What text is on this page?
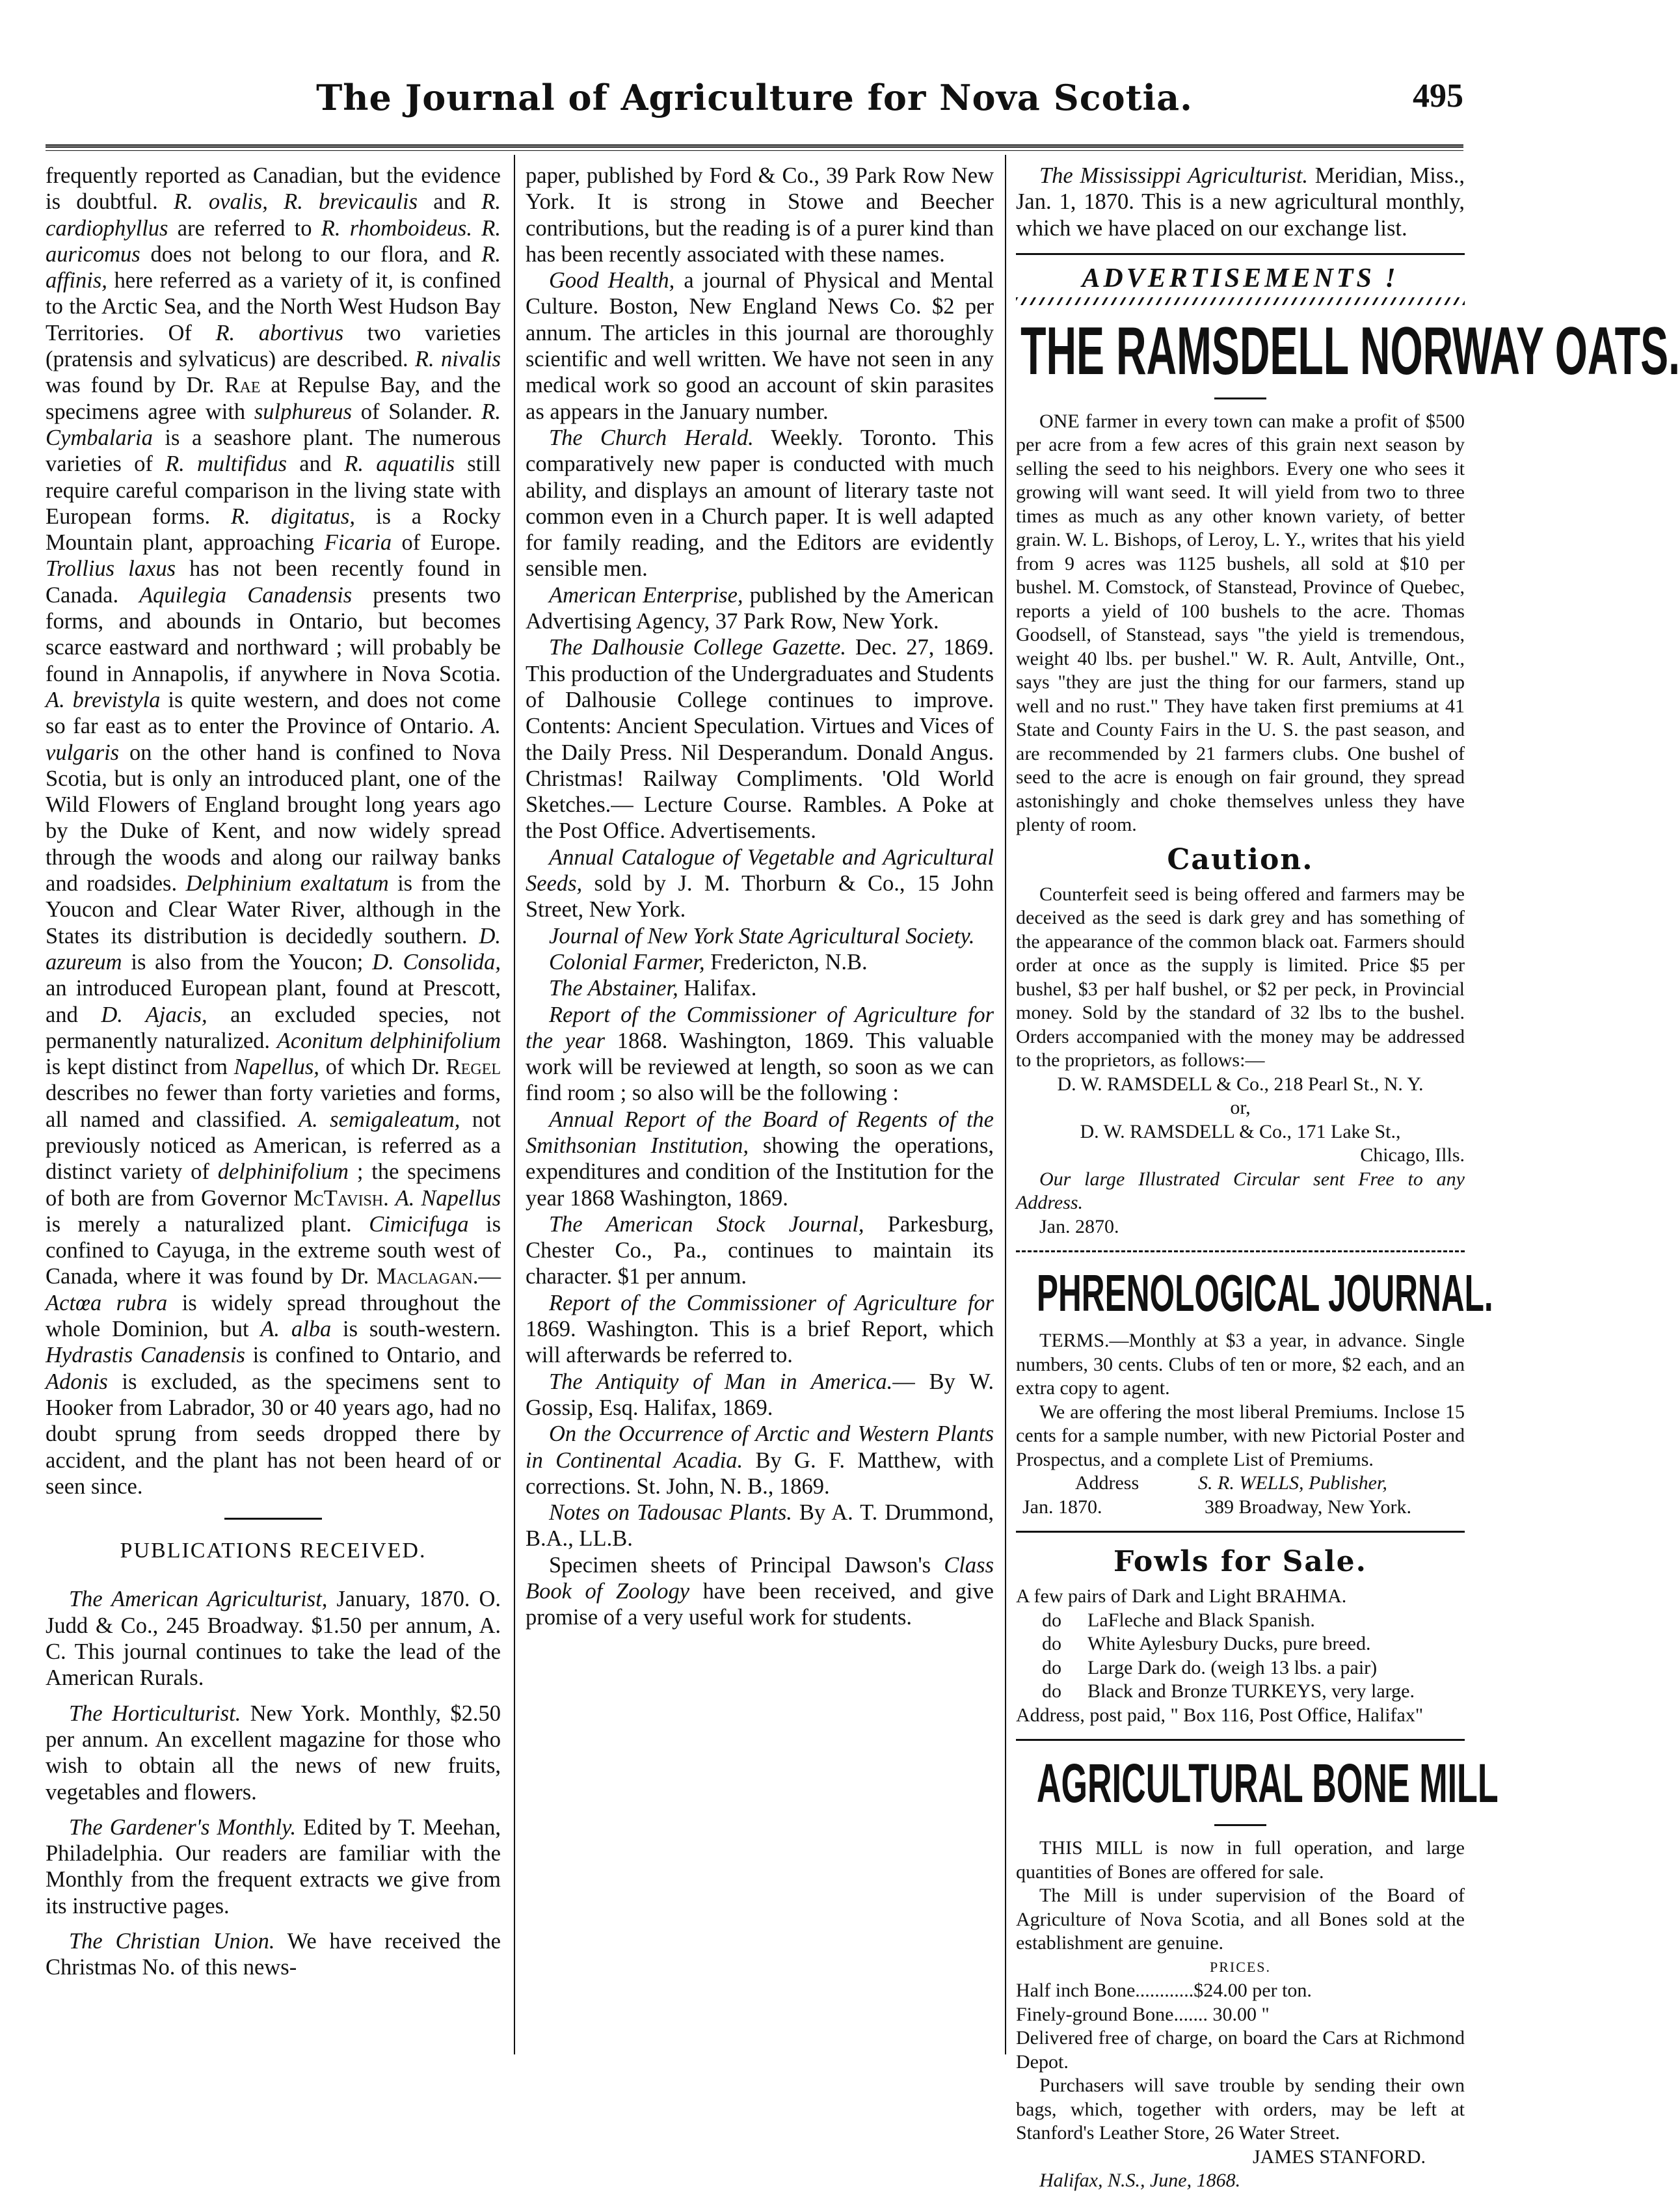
The Journal of Agriculture for Nova Scotia.	495

frequently reported as Canadian, but the evidence is doubtful. R. ovalis, R. brevicaulis and R. cardiophyllus are referred to R. rhomboideus. R. auricomus does not belong to our flora, and R. affinis, here referred as a variety of it, is confined to the Arctic Sea, and the North West Hudson Bay Territories. Of R. abortivus two varieties (pratensis and sylvaticus) are described. R. nivalis was found by Dr. Rae at Repulse Bay, and the specimens agree with sulphureus of Solander. R. Cymbalaria is a seashore plant. The numerous varieties of R. multifidus and R. aquatilis still require careful comparison in the living state with European forms. R. digitatus, is a Rocky Mountain plant, approaching Ficaria of Europe. Trollius laxus has not been recently found in Canada. Aquilegia Canadensis presents two forms, and abounds in Ontario, but becomes scarce eastward and northward ; will probably be found in Annapolis, if anywhere in Nova Scotia. A. brevistyla is quite western, and does not come so far east as to enter the Province of Ontario. A. vulgaris on the other hand is confined to Nova Scotia, but is only an introduced plant, one of the Wild Flowers of England brought long years ago by the Duke of Kent, and now widely spread through the woods and along our railway banks and roadsides. Delphinium exaltatum is from the Youcon and Clear Water River, although in the States its distribution is decidedly southern. D. azureum is also from the Youcon; D. Consolida, an introduced European plant, found at Prescott, and D. Ajacis, an excluded species, not permanently naturalized. Aconitum delphinifolium is kept distinct from Napellus, of which Dr. Regel describes no fewer than forty varieties and forms, all named and classified. A. semigaleatum, not previously noticed as American, is referred as a distinct variety of delphinifolium ; the specimens of both are from Governor McTavish. A. Napellus is merely a naturalized plant. Cimicifuga is confined to Cayuga, in the extreme south west of Canada, where it was found by Dr. Maclagan.— Actœa rubra is widely spread throughout the whole Dominion, but A. alba is south-western. Hydrastis Canadensis is confined to Ontario, and Adonis is excluded, as the specimens sent to Hooker from Labrador, 30 or 40 years ago, had no doubt sprung from seeds dropped there by accident, and the plant has not been heard of or seen since.

PUBLICATIONS RECEIVED.

The American Agriculturist, January, 1870. O. Judd & Co., 245 Broadway. $1.50 per annum, A. C. This journal continues to take the lead of the American Rurals.

The Horticulturist. New York. Monthly, $2.50 per annum. An excellent magazine for those who wish to obtain all the news of new fruits, vegetables and flowers.

The Gardener's Monthly. Edited by T. Meehan, Philadelphia. Our readers are familiar with the Monthly from the frequent extracts we give from its instructive pages.

The Christian Union. We have received the Christmas No. of this news-

paper, published by Ford & Co., 39 Park Row New York. It is strong in Stowe and Beecher contributions, but the reading is of a purer kind than has been recently associated with these names.

Good Health, a journal of Physical and Mental Culture. Boston, New England News Co. $2 per annum. The articles in this journal are thoroughly scientific and well written. We have not seen in any medical work so good an account of skin parasites as appears in the January number.

The Church Herald. Weekly. Toronto. This comparatively new paper is conducted with much ability, and displays an amount of literary taste not common even in a Church paper. It is well adapted for family reading, and the Editors are evidently sensible men.

American Enterprise, published by the American Advertising Agency, 37 Park Row, New York.

The Dalhousie College Gazette. Dec. 27, 1869. This production of the Undergraduates and Students of Dalhousie College continues to improve. Contents: Ancient Speculation. Virtues and Vices of the Daily Press. Nil Desperandum. Donald Angus. Christmas! Railway Compliments. 'Old World Sketches.— Lecture Course. Rambles. A Poke at the Post Office. Advertisements.

Annual Catalogue of Vegetable and Agricultural Seeds, sold by J. M. Thorburn & Co., 15 John Street, New York.

Journal of New York State Agricultural Society.

Colonial Farmer, Fredericton, N.B.

The Abstainer, Halifax.

Report of the Commissioner of Agriculture for the year 1868. Washington, 1869. This valuable work will be reviewed at length, so soon as we can find room ; so also will be the following :

Annual Report of the Board of Regents of the Smithsonian Institution, showing the operations, expenditures and condition of the Institution for the year 1868 Washington, 1869.

The American Stock Journal, Parkesburg, Chester Co., Pa., continues to maintain its character. $1 per annum.

Report of the Commissioner of Agriculture for 1869. Washington. This is a brief Report, which will afterwards be referred to.

The Antiquity of Man in America.— By W. Gossip, Esq. Halifax, 1869.

On the Occurrence of Arctic and Western Plants in Continental Acadia. By G. F. Matthew, with corrections. St. John, N. B., 1869.

Notes on Tadousac Plants. By A. T. Drummond, B.A., LL.B.

Specimen sheets of Principal Dawson's Class Book of Zoology have been received, and give promise of a very useful work for students.

The Mississippi Agriculturist. Meridian, Miss., Jan. 1, 1870. This is a new agricultural monthly, which we have placed on our exchange list.

ADVERTISEMENTS !
THE RAMSDELL NORWAY OATS.

ONE farmer in every town can make a profit of $500 per acre from a few acres of this grain next season by selling the seed to his neighbors. Every one who sees it growing will want seed. It will yield from two to three times as much as any other known variety, of better grain. W. L. Bishops, of Leroy, L. Y., writes that his yield from 9 acres was 1125 bushels, all sold at $10 per bushel. M. Comstock, of Stanstead, Province of Quebec, reports a yield of 100 bushels to the acre. Thomas Goodsell, of Stanstead, says "the yield is tremendous, weight 40 lbs. per bushel." W. R. Ault, Antville, Ont., says "they are just the thing for our farmers, stand up well and no rust." They have taken first premiums at 41 State and County Fairs in the U. S. the past season, and are recommended by 21 farmers clubs. One bushel of seed to the acre is enough on fair ground, they spread astonishingly and choke themselves unless they have plenty of room.

Caution.

Counterfeit seed is being offered and farmers may be deceived as the seed is dark grey and has something of the appearance of the common black oat. Farmers should order at once as the supply is limited. Price $5 per bushel, $3 per half bushel, or $2 per peck, in Provincial money. Sold by the standard of 32 lbs to the bushel. Orders accompanied with the money may be addressed to the proprietors, as follows:—

D. W. RAMSDELL & Co., 218 Pearl St., N. Y.

or,

D. W. RAMSDELL & Co., 171 Lake St.,

Chicago, Ills.

Our large Illustrated Circular sent Free to any Address.

Jan. 2870.

PHRENOLOGICAL JOURNAL.

TERMS.—Monthly at $3 a year, in advance. Single numbers, 30 cents. Clubs of ten or more, $2 each, and an extra copy to agent.

We are offering the most liberal Premiums. Inclose 15 cents for a sample number, with new Pictorial Poster and Prospectus, and a complete List of Premiums.

Address	S. R. WELLS, Publisher,
Jan. 1870.	389 Broadway, New York.
Fowls for Sale.

A few pairs of Dark and Light BRAHMA.

do	LaFleche and Black Spanish.
do	White Aylesbury Ducks, pure breed.
do	Large Dark do. (weigh 13 lbs. a pair)
do	Black and Bronze TURKEYS, very large.

Address, post paid, " Box 116, Post Office, Halifax"

AGRICULTURAL BONE MILL

THIS MILL is now in full operation, and large quantities of Bones are offered for sale.

The Mill is under supervision of the Board of Agriculture of Nova Scotia, and all Bones sold at the establishment are genuine.

PRICES.

Half inch Bone............$24.00 per ton.

Finely-ground Bone....... 30.00 "

Delivered free of charge, on board the Cars at Richmond Depot.

Purchasers will save trouble by sending their own bags, which, together with orders, may be left at Stanford's Leather Store, 26 Water Street.

JAMES STANFORD.

Halifax, N.S., June, 1868.
